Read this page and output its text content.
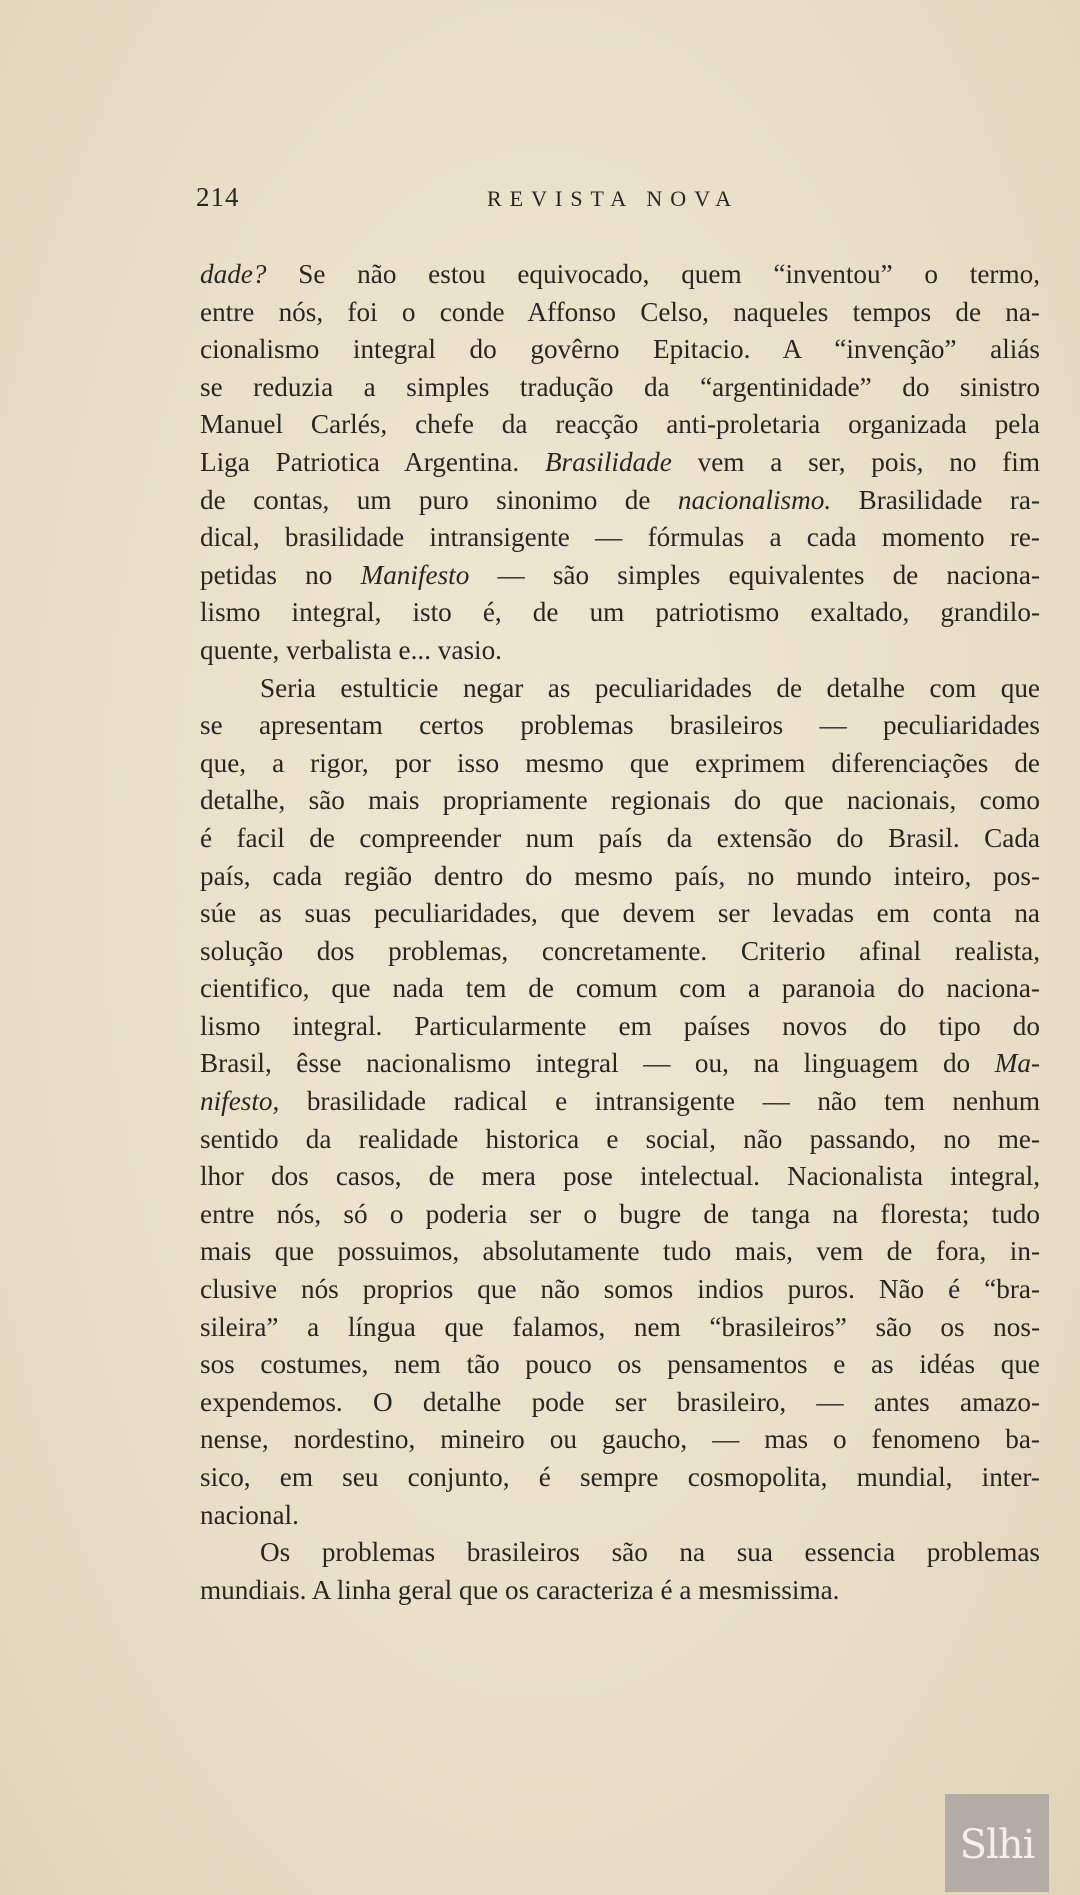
214	REVISTA NOVA
dade? Se não estou equivocado, quem “inventou” o termo,
entre nós, foi o conde Affonso Celso, naqueles tempos de na-
cionalismo integral do govêrno Epitacio. A “invenção” aliás
se reduzia a simples tradução da “argentinidade” do sinistro
Manuel Carlés, chefe da reacção anti-proletaria organizada pela
Liga Patriotica Argentina. Brasilidade vem a ser, pois, no fim
de contas, um puro sinonimo de nacionalismo. Brasilidade ra-
dical, brasilidade intransigente — fórmulas a cada momento re-
petidas no Manifesto — são simples equivalentes de naciona-
lismo integral, isto é, de um patriotismo exaltado, grandilo-
quente, verbalista e... vasio.
Seria estulticie negar as peculiaridades de detalhe com que
se apresentam certos problemas brasileiros — peculiaridades
que, a rigor, por isso mesmo que exprimem diferenciações de
detalhe, são mais propriamente regionais do que nacionais, como
é facil de compreender num país da extensão do Brasil. Cada
país, cada região dentro do mesmo país, no mundo inteiro, pos-
súe as suas peculiaridades, que devem ser levadas em conta na
solução dos problemas, concretamente. Criterio afinal realista,
cientifico, que nada tem de comum com a paranoia do naciona-
lismo integral. Particularmente em países novos do tipo do
Brasil, êsse nacionalismo integral — ou, na linguagem do Ma-
nifesto, brasilidade radical e intransigente — não tem nenhum
sentido da realidade historica e social, não passando, no me-
lhor dos casos, de mera pose intelectual. Nacionalista integral,
entre nós, só o poderia ser o bugre de tanga na floresta; tudo
mais que possuimos, absolutamente tudo mais, vem de fora, in-
clusive nós proprios que não somos indios puros. Não é “bra-
sileira” a língua que falamos, nem “brasileiros” são os nos-
sos costumes, nem tão pouco os pensamentos e as idéas que
expendemos. O detalhe pode ser brasileiro, — antes amazo-
nense, nordestino, mineiro ou gaucho, — mas o fenomeno ba-
sico, em seu conjunto, é sempre cosmopolita, mundial, inter-
nacional.
Os problemas brasileiros são na sua essencia problemas
mundiais. A linha geral que os caracteriza é a mesmissima.
Slhi
